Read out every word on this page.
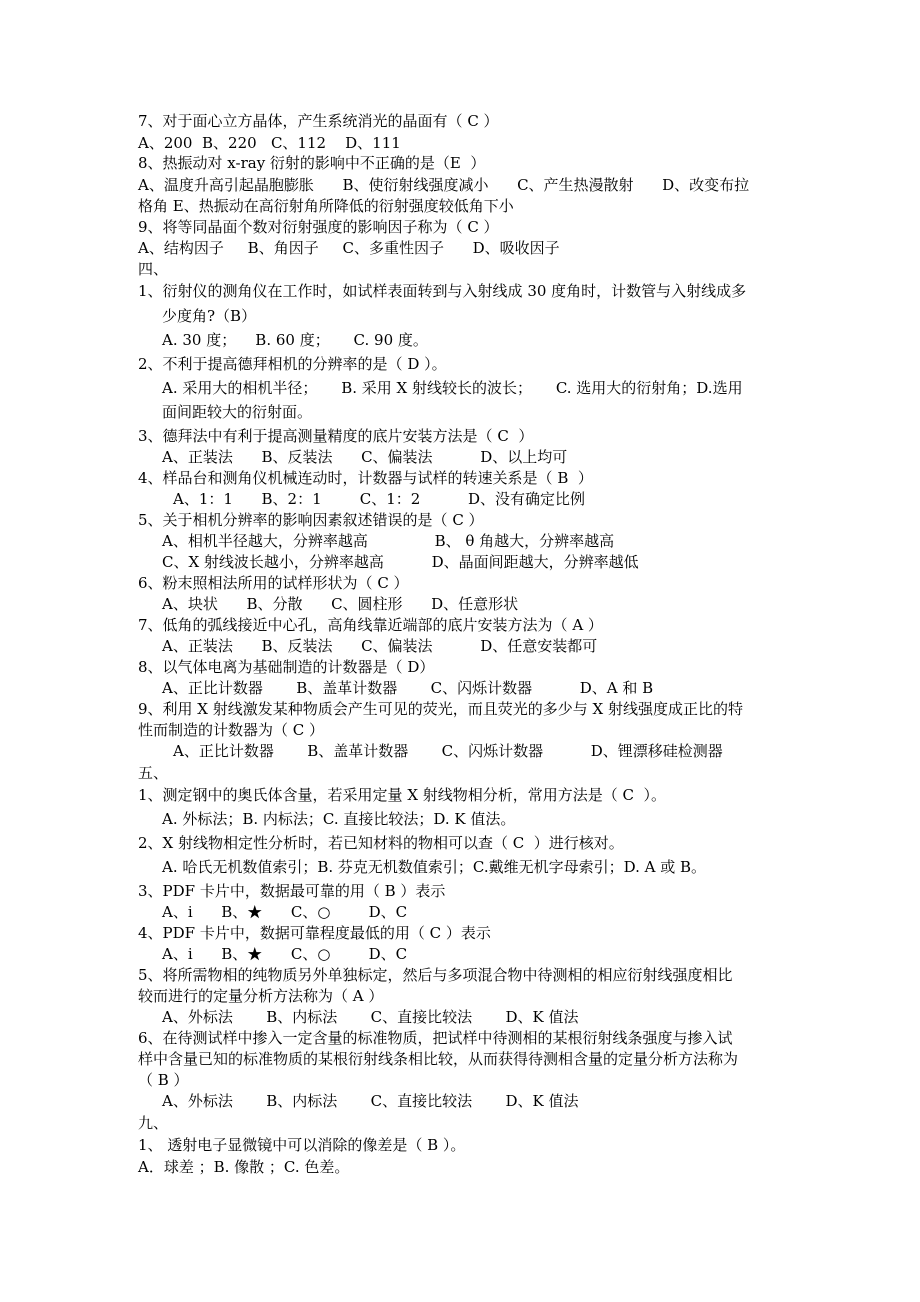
7、对于面心立方晶体，产生系统消光的晶面有（ C ）
A、200  B、220   C、112    D、111
8、热振动对 x-ray 衍射的影响中不正确的是（E  ）
A、温度升高引起晶胞膨胀      B、使衍射线强度减小      C、产生热漫散射      D、改变布拉
格角 E、热振动在高衍射角所降低的衍射强度较低角下小
9、将等同晶面个数对衍射强度的影响因子称为（ C ）
A、结构因子     B、角因子     C、多重性因子      D、吸收因子
四、
1、衍射仪的测角仪在工作时，如试样表面转到与入射线成 30 度角时，计数管与入射线成多
少度角?（B）
A. 30 度；    B. 60 度；     C. 90 度。
2、不利于提高德拜相机的分辨率的是（ D ）。
A. 采用大的相机半径；     B. 采用 X 射线较长的波长；     C. 选用大的衍射角；D.选用
面间距较大的衍射面。
3、德拜法中有利于提高测量精度的底片安装方法是（ C  ）
A、正装法      B、反装法      C、偏装法          D、以上均可
4、样品台和测角仪机械连动时，计数器与试样的转速关系是（ B  ）
A、1：1      B、2：1        C、1：2          D、没有确定比例
5、关于相机分辨率的影响因素叙述错误的是（ C ）
A、相机半径越大，分辨率越高              B、 θ 角越大，分辨率越高
C、X 射线波长越小，分辨率越高          D、晶面间距越大，分辨率越低
6、粉末照相法所用的试样形状为（ C ）
A、块状      B、分散      C、圆柱形      D、任意形状
7、低角的弧线接近中心孔，高角线靠近端部的底片安装方法为（ A ）
A、正装法      B、反装法      C、偏装法          D、任意安装都可
8、以气体电离为基础制造的计数器是（ D）
A、正比计数器       B、盖革计数器       C、闪烁计数器          D、A 和 B
9、利用 X 射线激发某种物质会产生可见的荧光，而且荧光的多少与 X 射线强度成正比的特
性而制造的计数器为（ C ）
A、正比计数器       B、盖革计数器       C、闪烁计数器          D、锂漂移硅检测器
五、
1、测定钢中的奥氏体含量，若采用定量 X 射线物相分析，常用方法是（ C  ）。
A. 外标法；B. 内标法；C. 直接比较法；D. K 值法。
2、X 射线物相定性分析时，若已知材料的物相可以查（ C  ）进行核对。
A. 哈氏无机数值索引；B. 芬克无机数值索引；C.戴维无机字母索引；D. A 或 B。
3、PDF 卡片中，数据最可靠的用（ B ）表示
A、i      B、★      C、○        D、C
4、PDF 卡片中，数据可靠程度最低的用（ C ）表示
A、i      B、★      C、○        D、C
5、将所需物相的纯物质另外单独标定，然后与多项混合物中待测相的相应衍射线强度相比
较而进行的定量分析方法称为（ A ）
A、外标法       B、内标法       C、直接比较法       D、K 值法
6、在待测试样中掺入一定含量的标准物质，把试样中待测相的某根衍射线条强度与掺入试
样中含量已知的标准物质的某根衍射线条相比较，从而获得待测相含量的定量分析方法称为
（ B ）
A、外标法       B、内标法       C、直接比较法       D、K 值法
九、
1、 透射电子显微镜中可以消除的像差是（ B ）。
A．球差 ；B. 像散 ；C. 色差。
